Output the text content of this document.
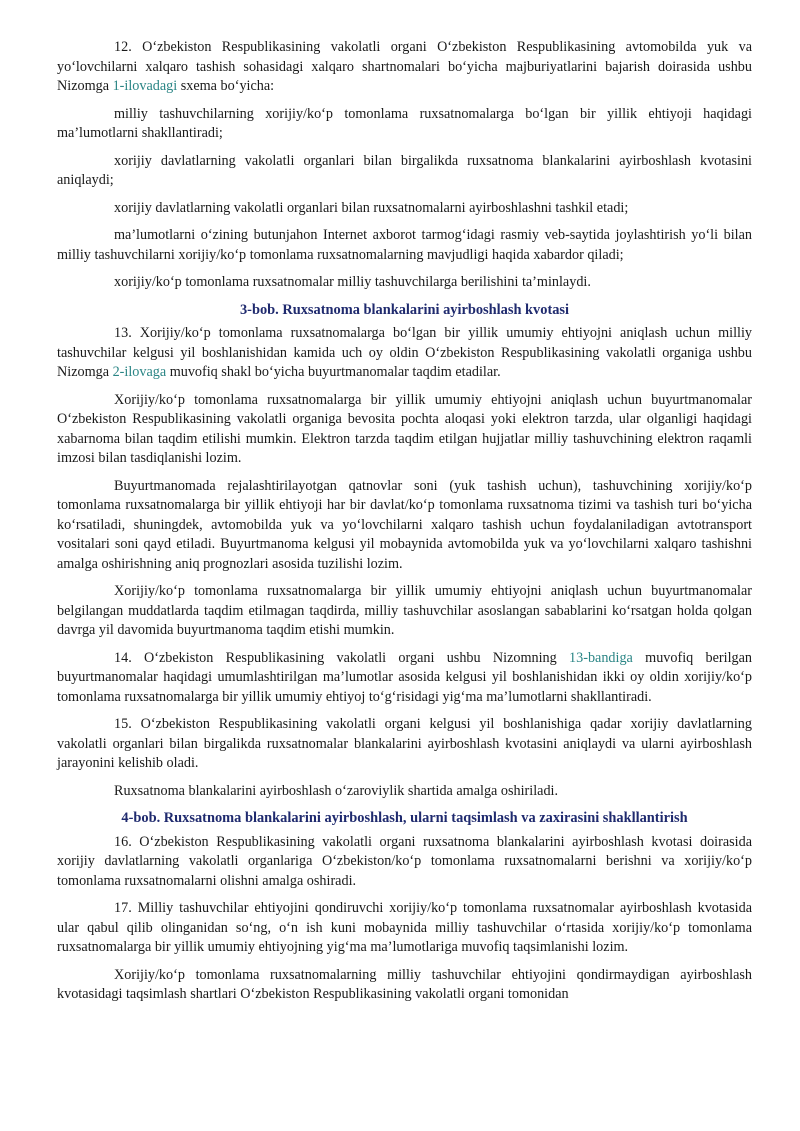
12. O‘zbekiston Respublikasining vakolatli organi O‘zbekiston Respublikasining avtomobilda yuk va yo‘lovchilarni xalqaro tashish sohasidagi xalqaro shartnomalari bo‘yicha majburiyatlarini bajarish doirasida ushbu Nizomga 1-ilovadagi sxema bo‘yicha:

milliy tashuvchilarning xorijiy/ko‘p tomonlama ruxsatnomalarga bo‘lgan bir yillik ehtiyoji haqidagi ma’lumotlarni shakllantiradi;

xorijiy davlatlarning vakolatli organlari bilan birgalikda ruxsatnoma blankalarini ayirboshlash kvotasini aniqlaydi;

xorijiy davlatlarning vakolatli organlari bilan ruxsatnomalarni ayirboshlashni tashkil etadi;

ma’lumotlarni o‘zining butunjahon Internet axborot tarmog‘idagi rasmiy veb-saytida joylashtirish yo‘li bilan milliy tashuvchilarni xorijiy/ko‘p tomonlama ruxsatnomalarning mavjudligi haqida xabardor qiladi;

xorijiy/ko‘p tomonlama ruxsatnomalar milliy tashuvchilarga berilishini ta’minlaydi.

3-bob. Ruxsatnoma blankalarini ayirboshlash kvotasi

13. Xorijiy/ko‘p tomonlama ruxsatnomalarga bo‘lgan bir yillik umumiy ehtiyojni aniqlash uchun milliy tashuvchilar kelgusi yil boshlanishidan kamida uch oy oldin O‘zbekiston Respublikasining vakolatli organiga ushbu Nizomga 2-ilovaga muvofiq shakl bo‘yicha buyurtmanomalar taqdim etadilar.

Xorijiy/ko‘p tomonlama ruxsatnomalarga bir yillik umumiy ehtiyojni aniqlash uchun buyurtmanomalar O‘zbekiston Respublikasining vakolatli organiga bevosita pochta aloqasi yoki elektron tarzda, ular olganligi haqidagi xabarnoma bilan taqdim etilishi mumkin. Elektron tarzda taqdim etilgan hujjatlar milliy tashuvchining elektron raqamli imzosi bilan tasdiqlanishi lozim.

Buyurtmanomada rejalashtirilayotgan qatnovlar soni (yuk tashish uchun), tashuvchining xorijiy/ko‘p tomonlama ruxsatnomalarga bir yillik ehtiyoji har bir davlat/ko‘p tomonlama ruxsatnoma tizimi va tashish turi bo‘yicha ko‘rsatiladi, shuningdek, avtomobilda yuk va yo‘lovchilarni xalqaro tashish uchun foydalaniladigan avtotransport vositalari soni qayd etiladi. Buyurtmanoma kelgusi yil mobaynida avtomobilda yuk va yo‘lovchilarni xalqaro tashishni amalga oshirishning aniq prognozlari asosida tuzilishi lozim.

Xorijiy/ko‘p tomonlama ruxsatnomalarga bir yillik umumiy ehtiyojni aniqlash uchun buyurtmanomalar belgilangan muddatlarda taqdim etilmagan taqdirda, milliy tashuvchilar asoslangan sabablarini ko‘rsatgan holda qolgan davrga yil davomida buyurtmanoma taqdim etishi mumkin.

14. O‘zbekiston Respublikasining vakolatli organi ushbu Nizomning 13-bandiga muvofiq berilgan buyurtmanomalar haqidagi umumlashtirilgan ma’lumotlar asosida kelgusi yil boshlanishidan ikki oy oldin xorijiy/ko‘p tomonlama ruxsatnomalarga bir yillik umumiy ehtiyoj to‘g‘risidagi yig‘ma ma’lumotlarni shakllantiradi.

15. O‘zbekiston Respublikasining vakolatli organi kelgusi yil boshlanishiga qadar xorijiy davlatlarning vakolatli organlari bilan birgalikda ruxsatnomalar blankalarini ayirboshlash kvotasini aniqlaydi va ularni ayirboshlash jarayonini kelishib oladi.

Ruxsatnoma blankalarini ayirboshlash o‘zaroviylik shartida amalga oshiriladi.

4-bob. Ruxsatnoma blankalarini ayirboshlash, ularni taqsimlash va zaxirasini shakllantirish

16. O‘zbekiston Respublikasining vakolatli organi ruxsatnoma blankalarini ayirboshlash kvotasi doirasida xorijiy davlatlarning vakolatli organlariga O‘zbekiston/ko‘p tomonlama ruxsatnomalarni berishni va xorijiy/ko‘p tomonlama ruxsatnomalarni olishni amalga oshiradi.

17. Milliy tashuvchilar ehtiyojini qondiruvchi xorijiy/ko‘p tomonlama ruxsatnomalar ayirboshlash kvotasida ular qabul qilib olinganidan so‘ng, o‘n ish kuni mobaynida milliy tashuvchilar o‘rtasida xorijiy/ko‘p tomonlama ruxsatnomalarga bir yillik umumiy ehtiyojning yig‘ma ma’lumotlariga muvofiq taqsimlanishi lozim.

Xorijiy/ko‘p tomonlama ruxsatnomalarning milliy tashuvchilar ehtiyojini qondirmaydigan ayirboshlash kvotasidagi taqsimlash shartlari O‘zbekiston Respublikasining vakolatli organi tomonidan
